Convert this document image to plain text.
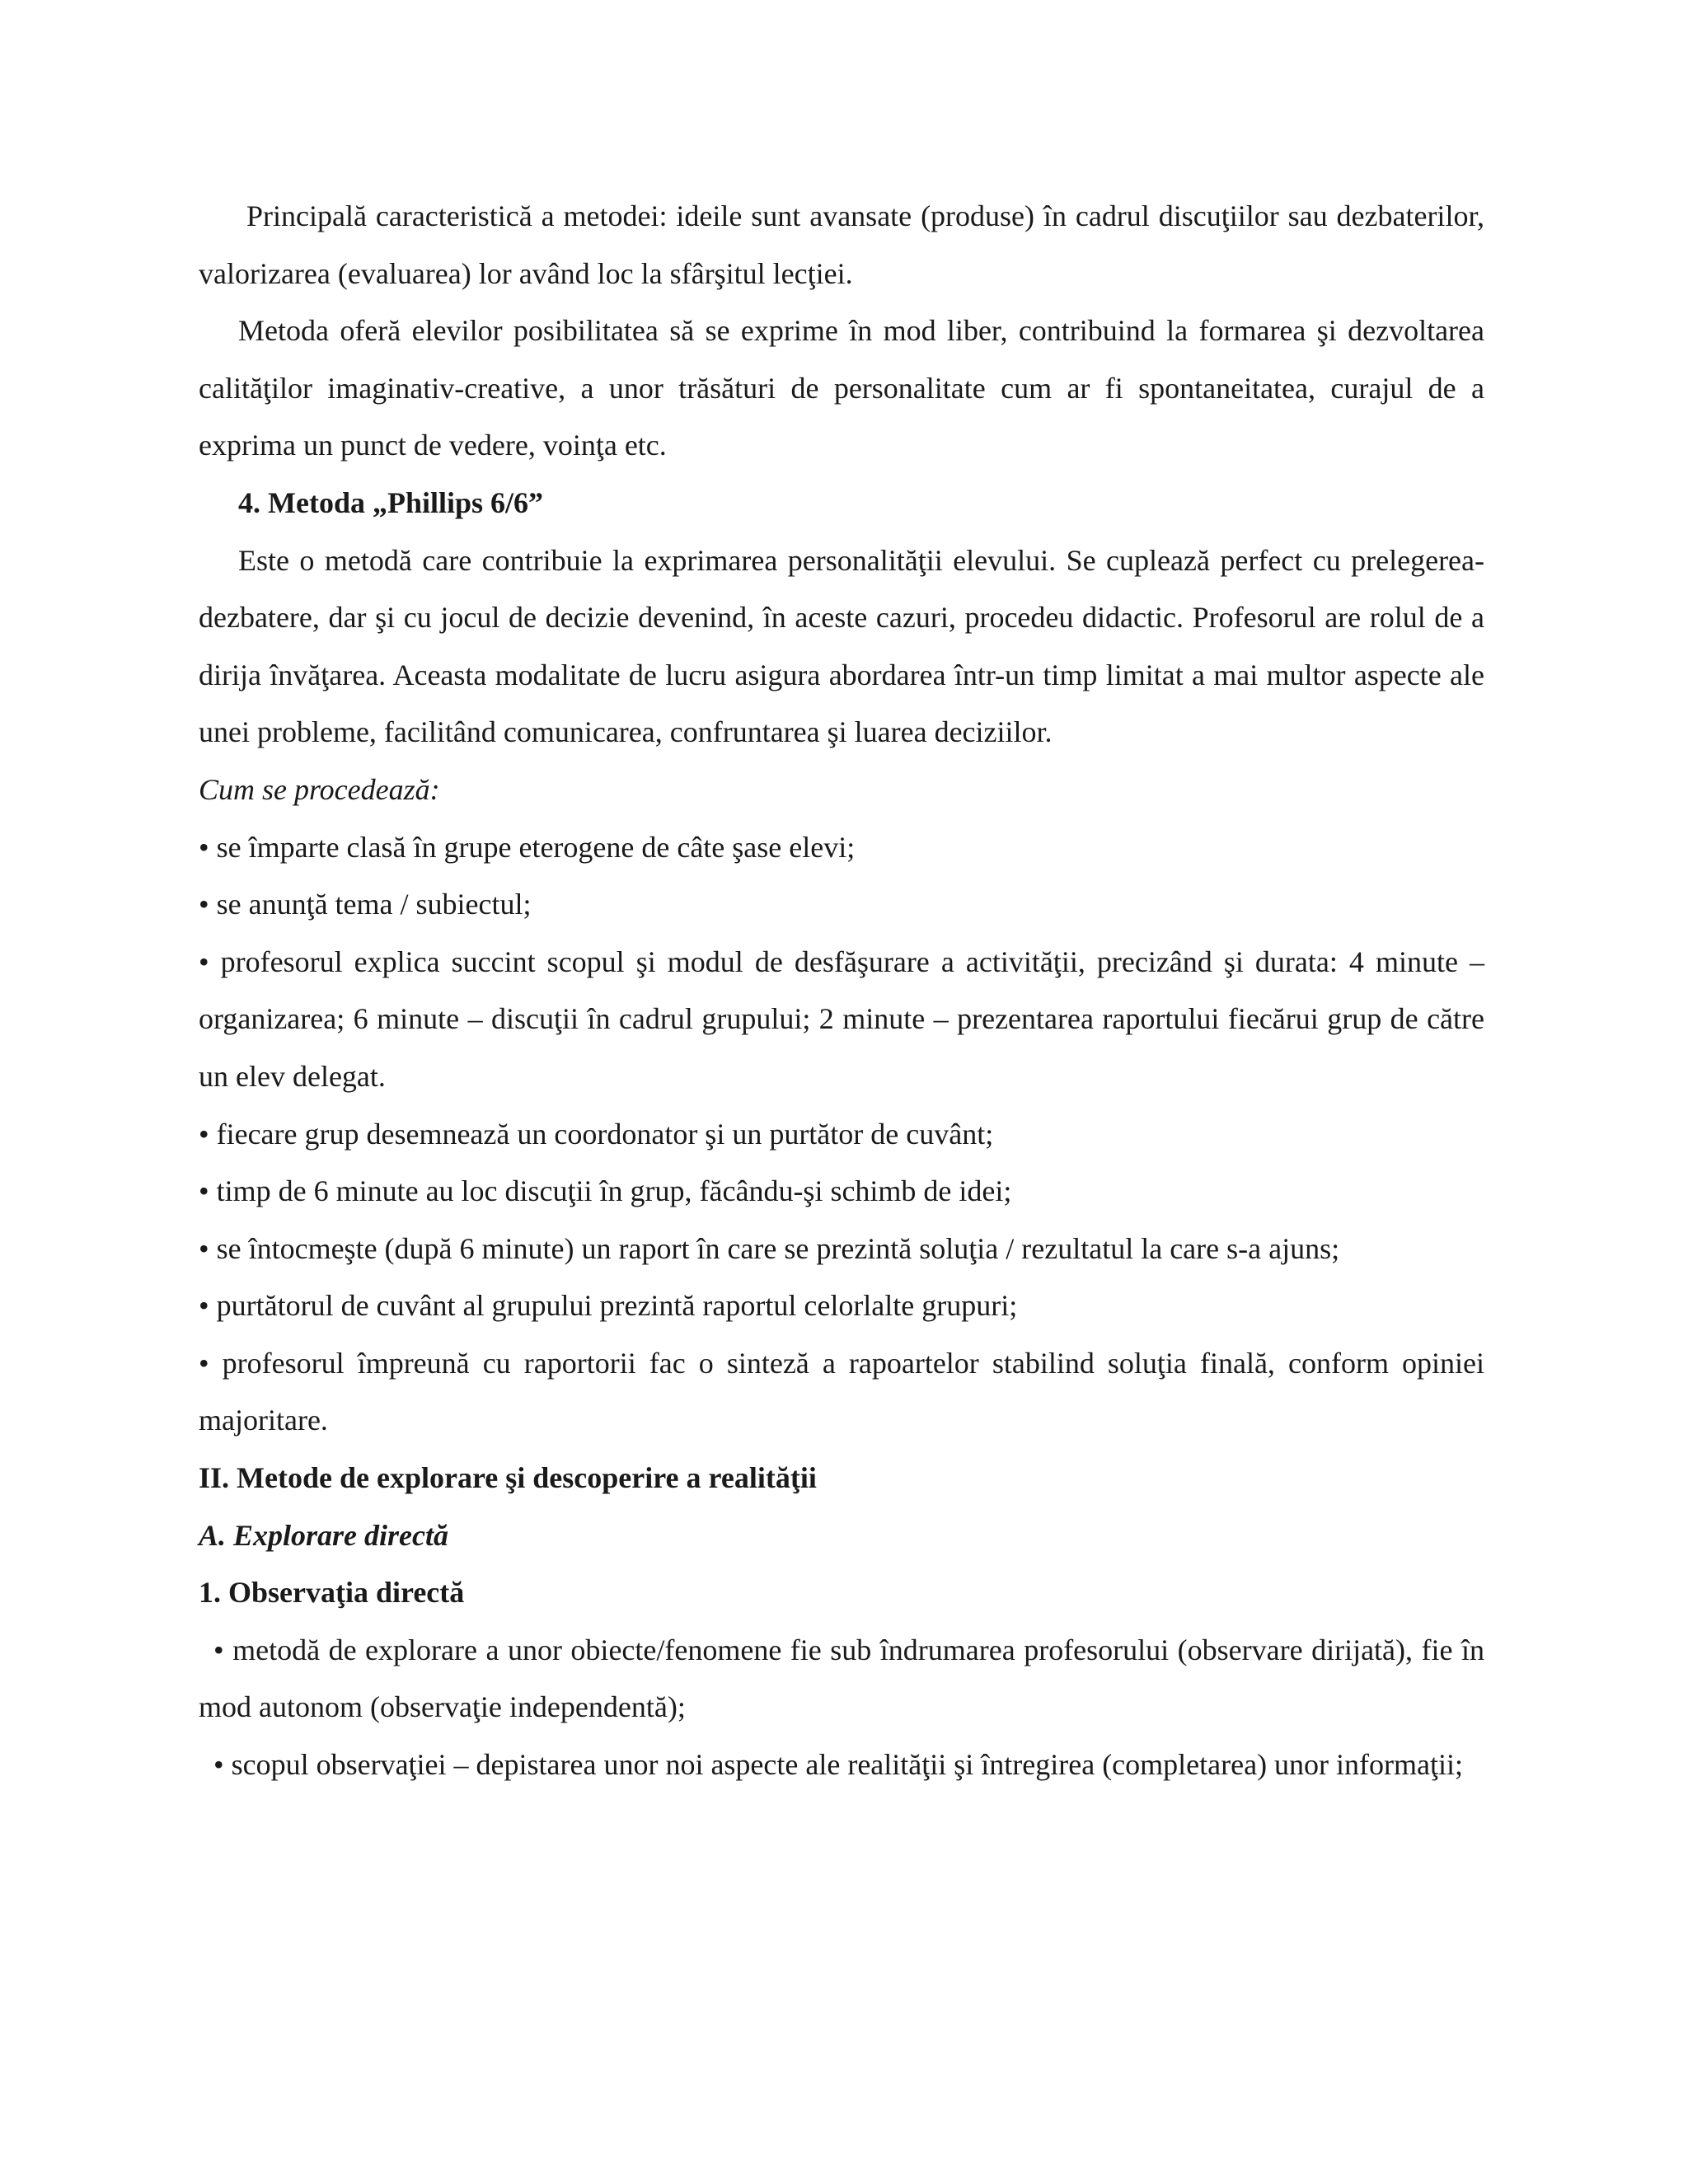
Principală caracteristică a metodei: ideile sunt avansate (produse) în cadrul discuţiilor sau dezbaterilor, valorizarea (evaluarea) lor având loc la sfârşitul lecţiei.

Metoda oferă elevilor posibilitatea să se exprime în mod liber, contribuind la formarea şi dezvoltarea calităţilor imaginativ-creative, a unor trăsături de personalitate cum ar fi spontaneitatea, curajul de a exprima un punct de vedere, voinţa etc.

4. Metoda „Phillips 6/6”

Este o metodă care contribuie la exprimarea personalităţii elevului. Se cuplează perfect cu prelegerea-dezbatere, dar şi cu jocul de decizie devenind, în aceste cazuri, procedeu didactic. Profesorul are rolul de a dirija învăţarea. Aceasta modalitate de lucru asigura abordarea într-un timp limitat a mai multor aspecte ale unei probleme, facilitând comunicarea, confruntarea şi luarea deciziilor.

Cum se procedează:

• se împarte clasă în grupe eterogene de câte şase elevi;

• se anunţă tema / subiectul;

• profesorul explica succint scopul şi modul de desfăşurare a activităţii, precizând şi durata: 4 minute – organizarea; 6 minute – discuţii în cadrul grupului; 2 minute – prezentarea raportului fiecărui grup de către un elev delegat.

• fiecare grup desemnează un coordonator şi un purtător de cuvânt;

• timp de 6 minute au loc discuţii în grup, făcându-şi schimb de idei;

• se întocmeşte (după 6 minute) un raport în care se prezintă soluţia / rezultatul la care s-a ajuns;

• purtătorul de cuvânt al grupului prezintă raportul celorlalte grupuri;

• profesorul împreună cu raportorii fac o sinteză a rapoartelor stabilind soluţia finală, conform opiniei majoritare.

II. Metode de explorare şi descoperire a realităţii

A. Explorare directă

1. Observaţia directă

• metodă de explorare a unor obiecte/fenomene fie sub îndrumarea profesorului (observare dirijată), fie în mod autonom (observaţie independentă);

• scopul observaţiei – depistarea unor noi aspecte ale realităţii şi întregirea (completarea) unor informaţii;
